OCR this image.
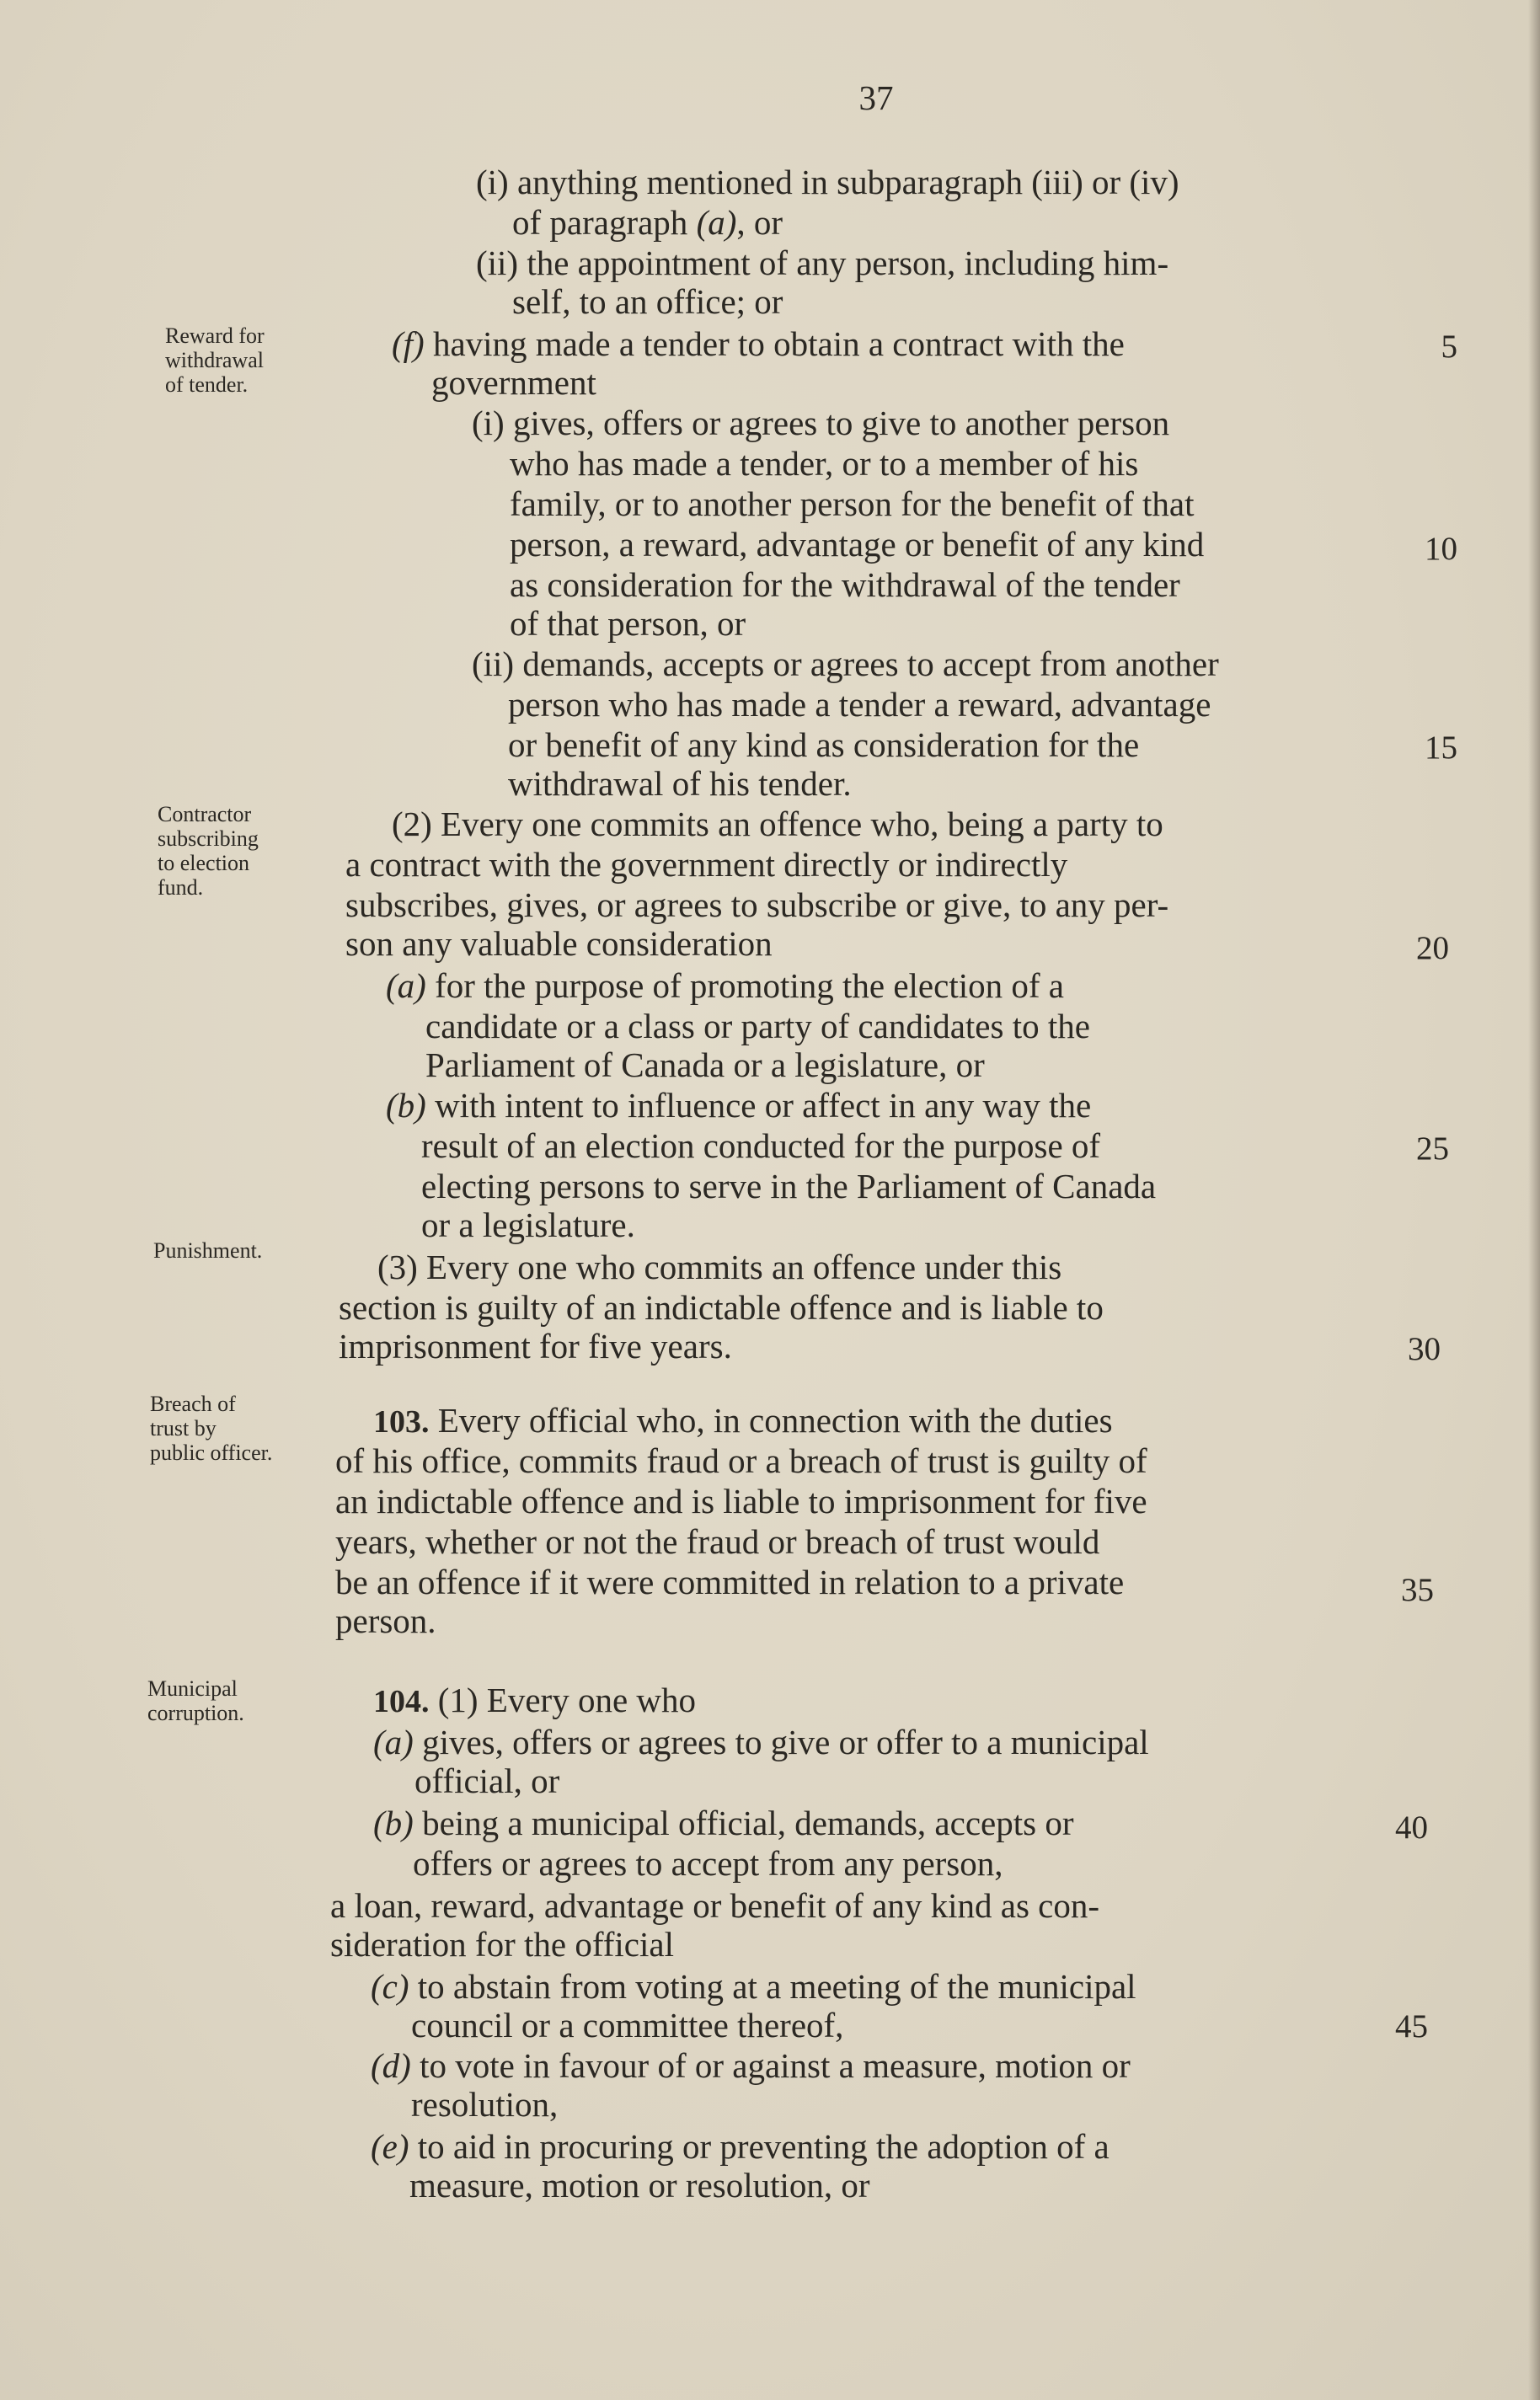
37
Reward for
withdrawal
of tender.
Contractor
subscribing
to election
fund.
Punishment.
Breach of
trust by
public officer.
Municipal
corruption.
5
10
15
20
25
30
35
40
45
(i) anything mentioned in subparagraph (iii) or (iv)
of paragraph (a), or
(ii) the appointment of any person, including him-
self, to an office; or
(f) having made a tender to obtain a contract with the
government
(i) gives, offers or agrees to give to another person
who has made a tender, or to a member of his
family, or to another person for the benefit of that
person, a reward, advantage or benefit of any kind
as consideration for the withdrawal of the tender
of that person, or
(ii) demands, accepts or agrees to accept from another
person who has made a tender a reward, advantage
or benefit of any kind as consideration for the
withdrawal of his tender.
(2) Every one commits an offence who, being a party to
a contract with the government directly or indirectly
subscribes, gives, or agrees to subscribe or give, to any per-
son any valuable consideration
(a) for the purpose of promoting the election of a
candidate or a class or party of candidates to the
Parliament of Canada or a legislature, or
(b) with intent to influence or affect in any way the
result of an election conducted for the purpose of
electing persons to serve in the Parliament of Canada
or a legislature.
(3) Every one who commits an offence under this
section is guilty of an indictable offence and is liable to
imprisonment for five years.
103. Every official who, in connection with the duties
of his office, commits fraud or a breach of trust is guilty of
an indictable offence and is liable to imprisonment for five
years, whether or not the fraud or breach of trust would
be an offence if it were committed in relation to a private
person.
104. (1) Every one who
(a) gives, offers or agrees to give or offer to a municipal
official, or
(b) being a municipal official, demands, accepts or
offers or agrees to accept from any person,
a loan, reward, advantage or benefit of any kind as con-
sideration for the official
(c) to abstain from voting at a meeting of the municipal
council or a committee thereof,
(d) to vote in favour of or against a measure, motion or
resolution,
(e) to aid in procuring or preventing the adoption of a
measure, motion or resolution, or
